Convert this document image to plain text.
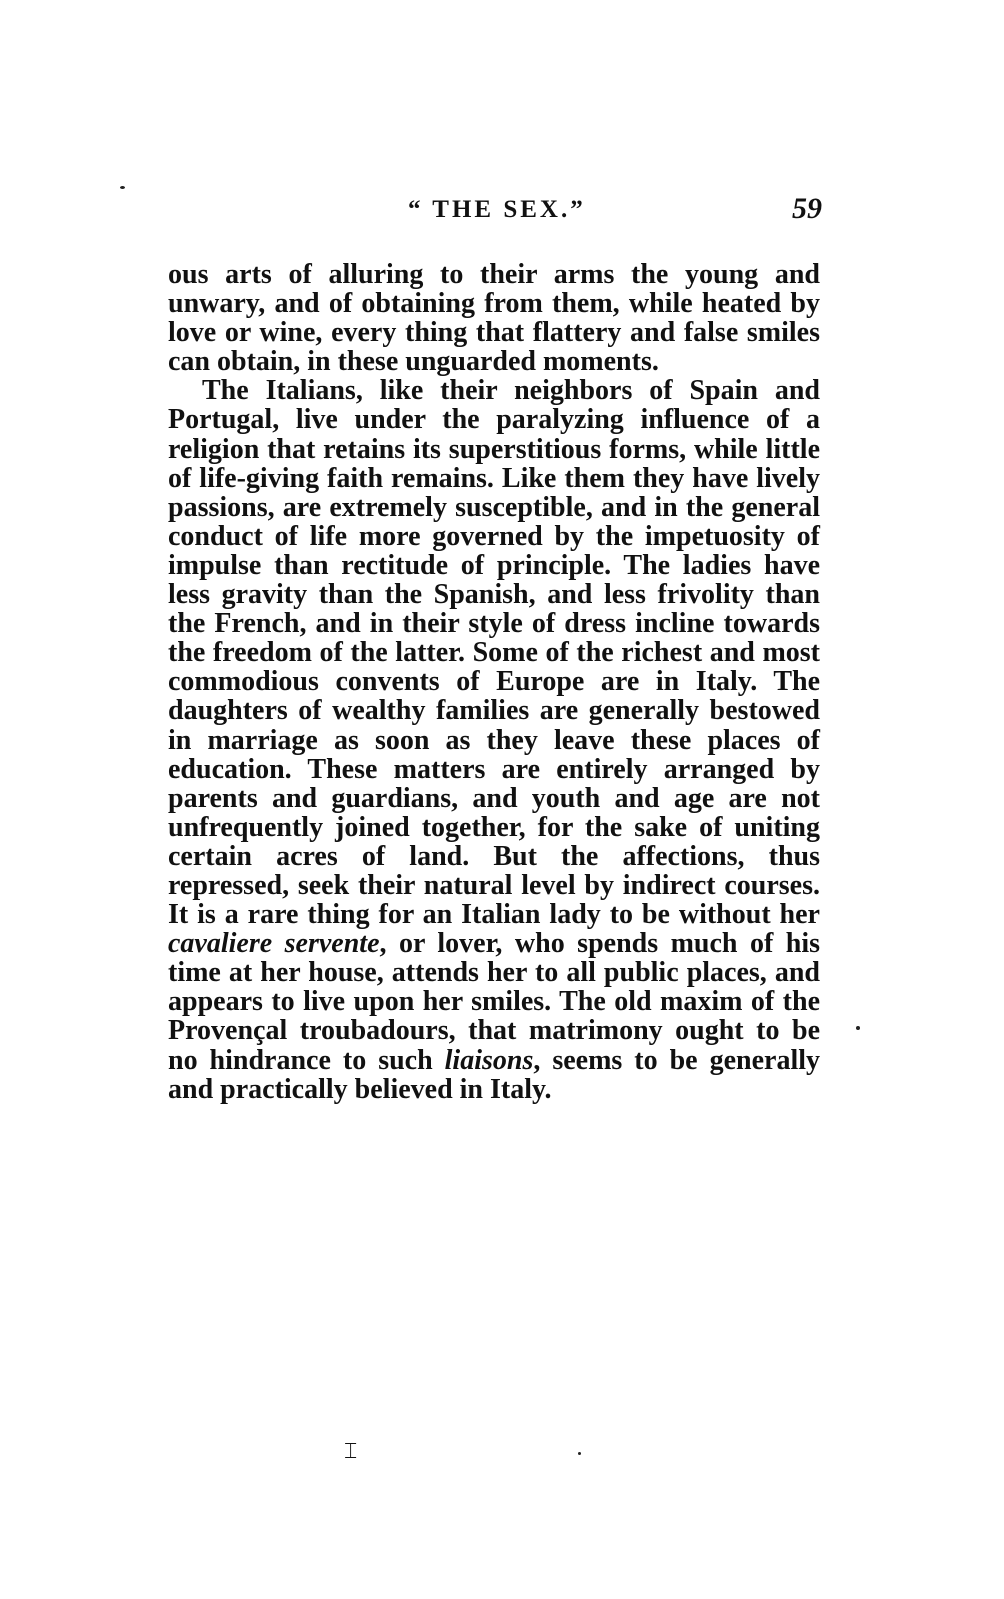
“ THE SEX.”	59

ous arts of alluring to their arms the young and unwary, and of obtaining from them, while heated by love or wine, every thing that flattery and false smiles can obtain, in these unguarded moments.

The Italians, like their neighbors of Spain and Portugal, live under the paralyzing influence of a religion that retains its superstitious forms, while little of life-giving faith remains. Like them they have lively passions, are extremely susceptible, and in the general conduct of life more governed by the impetuosity of impulse than rectitude of principle. The ladies have less gravity than the Spanish, and less frivolity than the French, and in their style of dress incline towards the freedom of the latter. Some of the richest and most commodious convents of Europe are in Italy. The daughters of wealthy families are generally bestowed in marriage as soon as they leave these places of education. These matters are entirely arranged by parents and guardians, and youth and age are not unfrequently joined together, for the sake of uniting certain acres of land. But the affections, thus repressed, seek their natural level by indirect courses. It is a rare thing for an Italian lady to be without her cavaliere servente, or lover, who spends much of his time at her house, attends her to all public places, and appears to live upon her smiles. The old maxim of the Provençal troubadours, that matrimony ought to be no hindrance to such liaisons, seems to be generally and practically believed in Italy.

⌶
